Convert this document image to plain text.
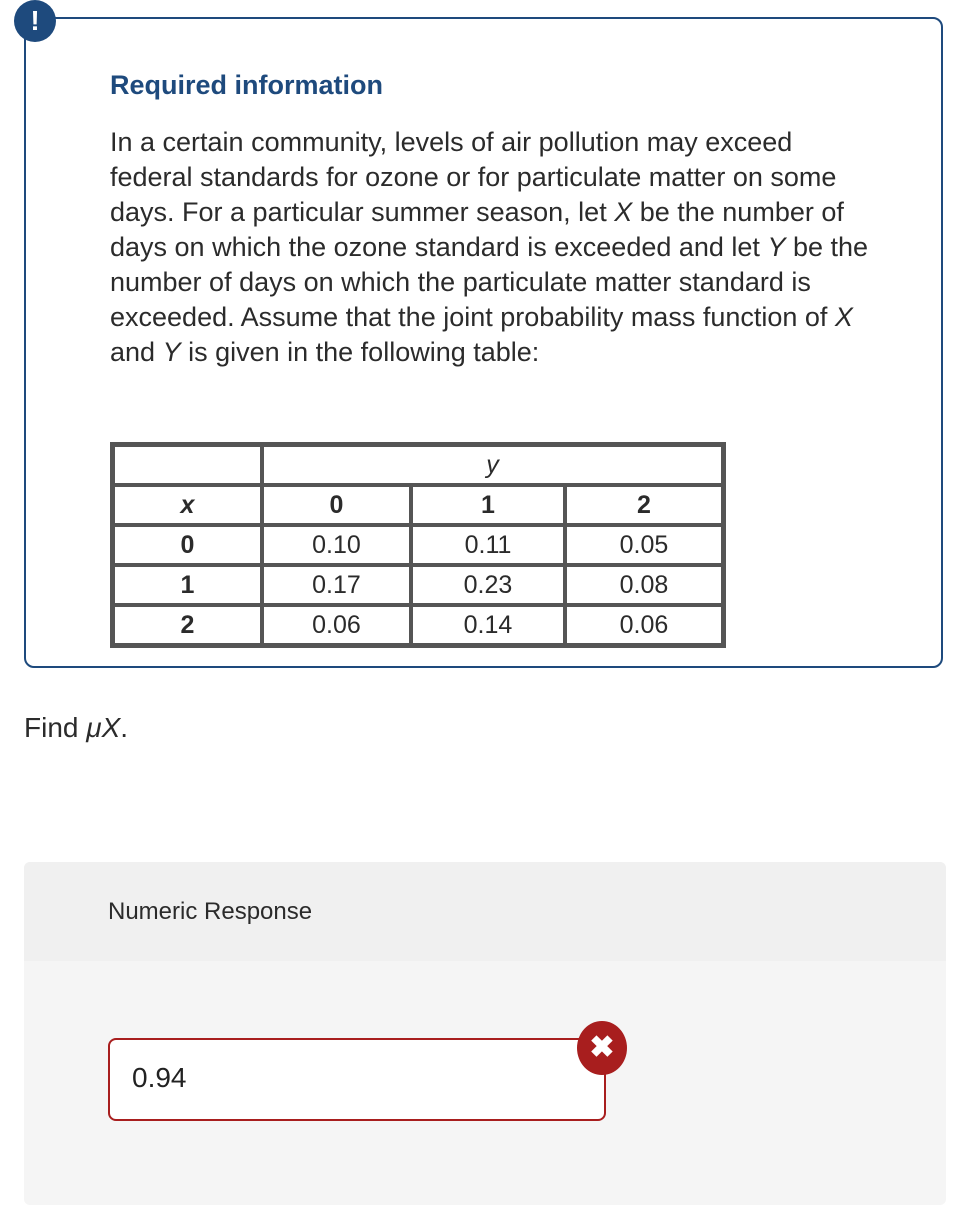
!
Required information
In a certain community, levels of air pollution may exceed federal standards for ozone or for particulate matter on some days. For a particular summer season, let X be the number of days on which the ozone standard is exceeded and let Y be the number of days on which the particulate matter standard is exceeded. Assume that the joint probability mass function of X and Y is given in the following table:
	y		
x	0	1	2
0	0.10	0.11	0.05
1	0.17	0.23	0.08
2	0.06	0.14	0.06
Find μX.
Numeric Response
0.94
✖
